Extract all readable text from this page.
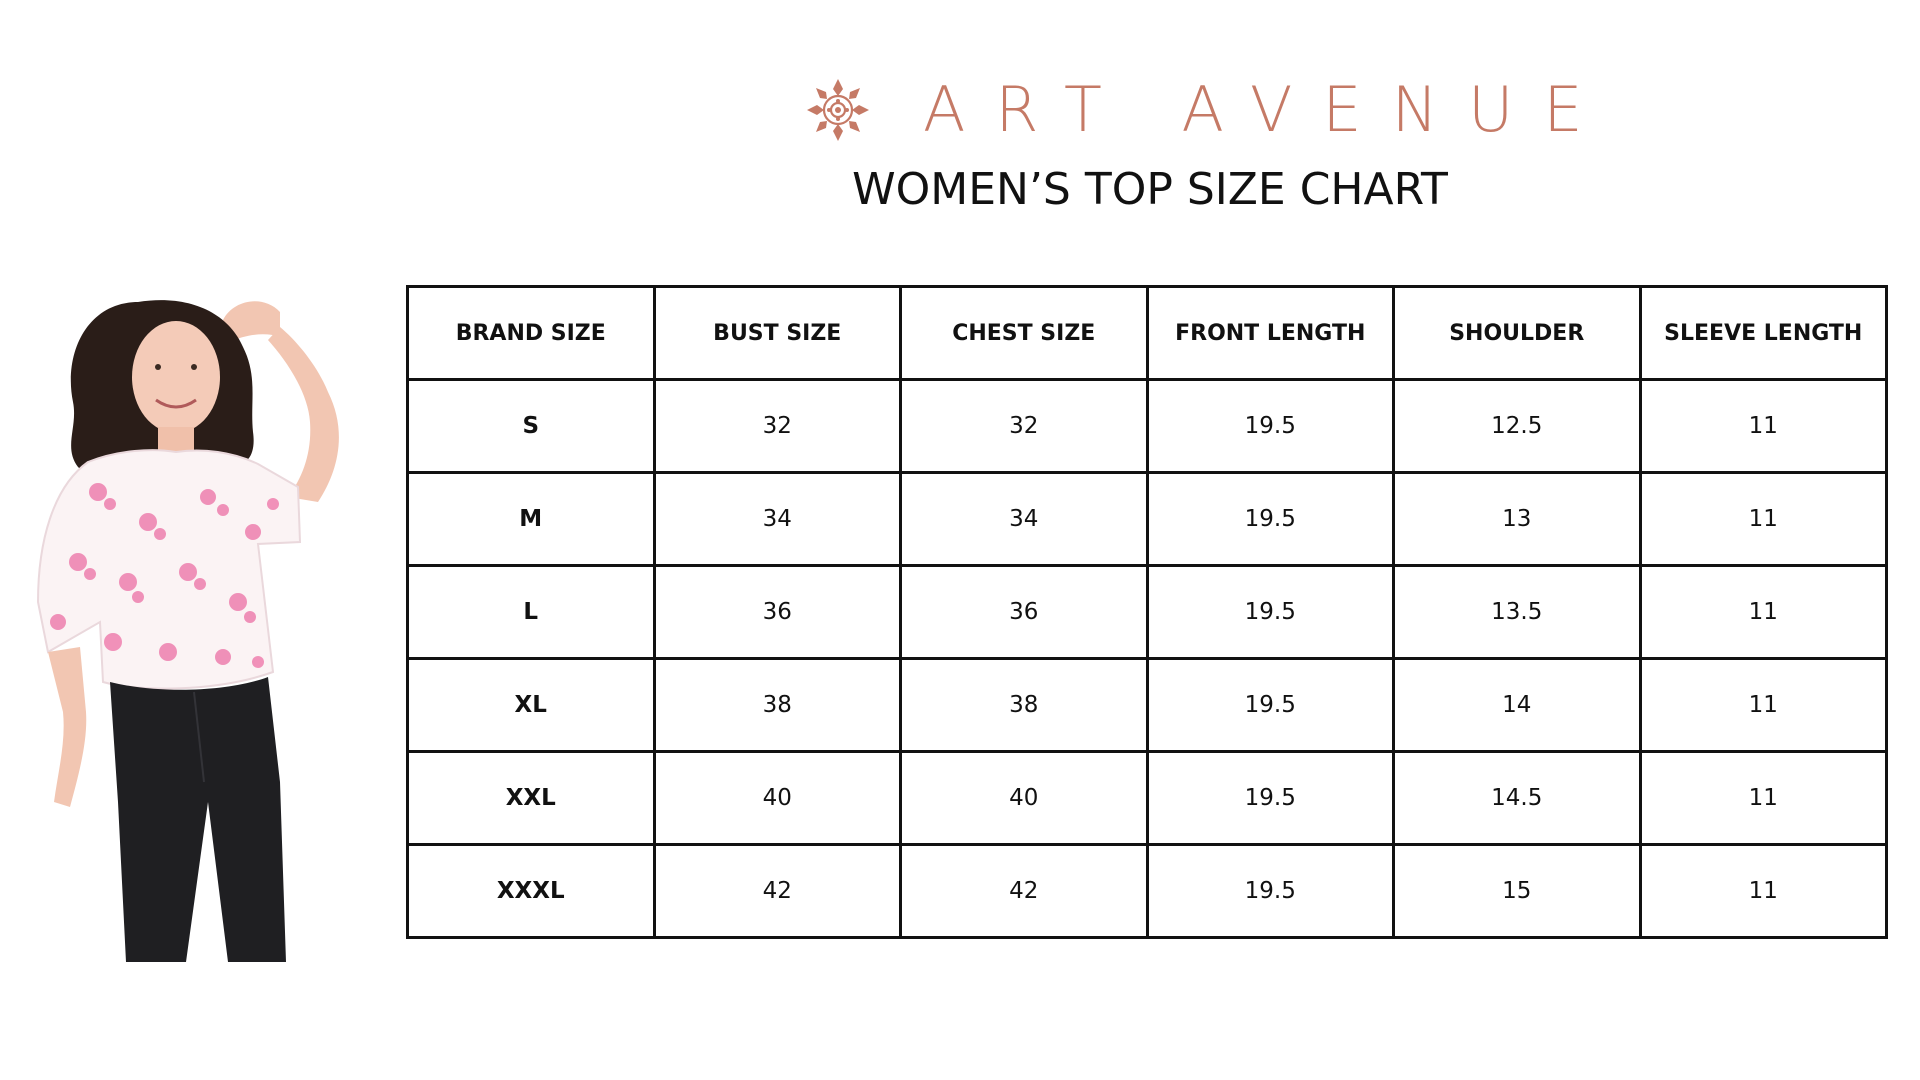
ART AVENUE
WOMEN’S TOP SIZE CHART
BRAND SIZE	BUST SIZE	CHEST SIZE	FRONT LENGTH	SHOULDER	SLEEVE LENGTH
S	32	32	19.5	12.5	11
M	34	34	19.5	13	11
L	36	36	19.5	13.5	11
XL	38	38	19.5	14	11
XXL	40	40	19.5	14.5	11
XXXL	42	42	19.5	15	11
